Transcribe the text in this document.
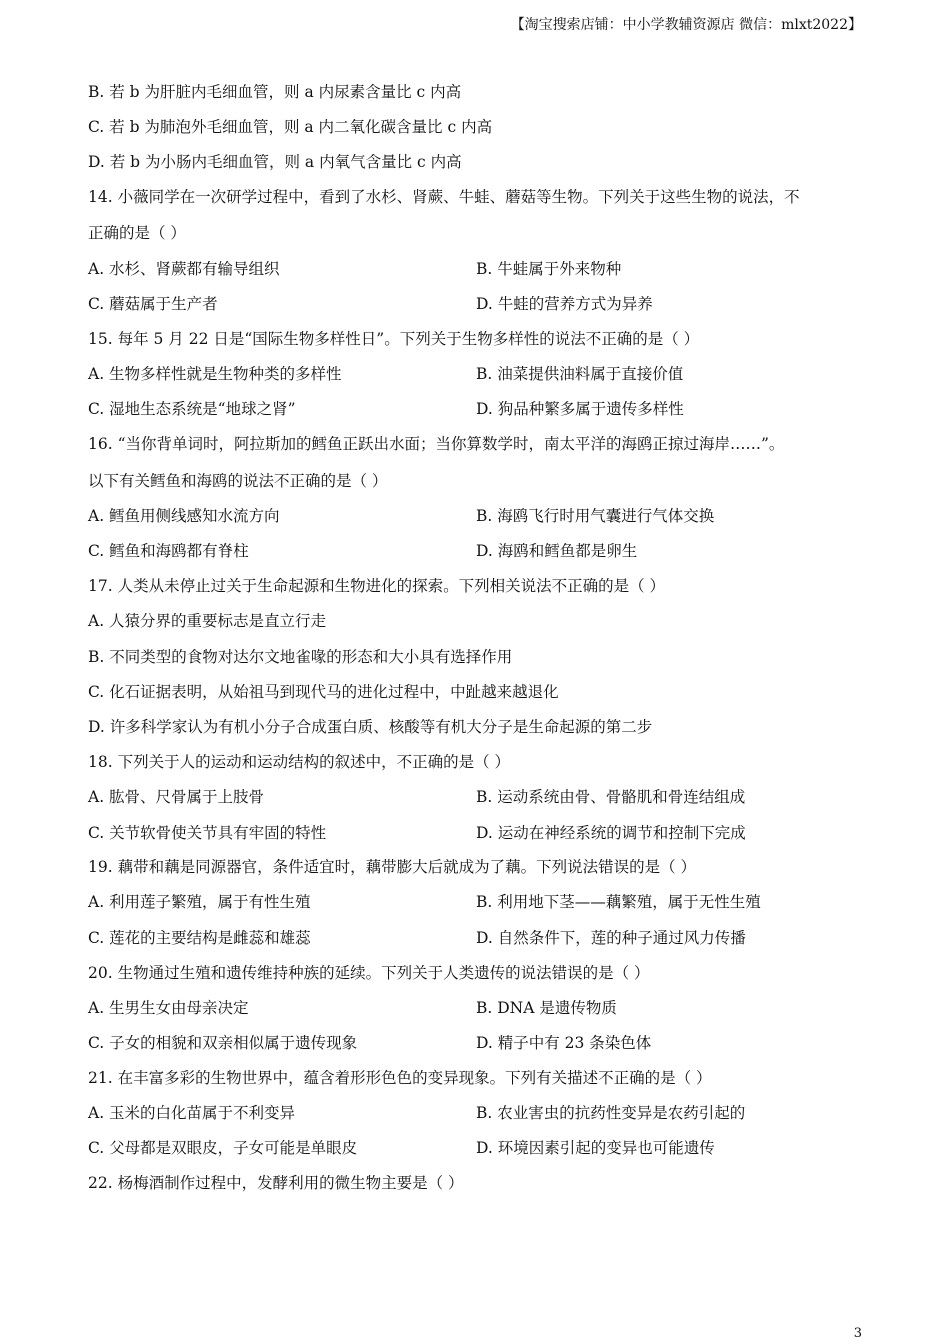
【淘宝搜索店铺：中小学教辅资源店 微信：mlxt2022】
B. 若 b 为肝脏内毛细血管，则 a 内尿素含量比 c 内高
C. 若 b 为肺泡外毛细血管，则 a 内二氧化碳含量比 c 内高
D. 若 b 为小肠内毛细血管，则 a 内氧气含量比 c 内高
14. 小薇同学在一次研学过程中，看到了水杉、肾蕨、牛蛙、蘑菇等生物。下列关于这些生物的说法，不
正确的是（ ）
A. 水杉、肾蕨都有输导组织	B. 牛蛙属于外来物种
C. 蘑菇属于生产者	D. 牛蛙的营养方式为异养
15. 每年 5 月 22 日是“国际生物多样性日”。下列关于生物多样性的说法不正确的是（ ）
A. 生物多样性就是生物种类的多样性	B. 油菜提供油料属于直接价值
C. 湿地生态系统是“地球之肾”	D. 狗品种繁多属于遗传多样性
16. “当你背单词时，阿拉斯加的鳕鱼正跃出水面；当你算数学时，南太平洋的海鸥正掠过海岸……”。
以下有关鳕鱼和海鸥的说法不正确的是（ ）
A. 鳕鱼用侧线感知水流方向	B. 海鸥飞行时用气囊进行气体交换
C. 鳕鱼和海鸥都有脊柱	D. 海鸥和鳕鱼都是卵生
17. 人类从未停止过关于生命起源和生物进化的探索。下列相关说法不正确的是（ ）
A. 人猿分界的重要标志是直立行走
B. 不同类型的食物对达尔文地雀喙的形态和大小具有选择作用
C. 化石证据表明，从始祖马到现代马的进化过程中，中趾越来越退化
D. 许多科学家认为有机小分子合成蛋白质、核酸等有机大分子是生命起源的第二步
18. 下列关于人的运动和运动结构的叙述中，不正确的是（ ）
A. 肱骨、尺骨属于上肢骨	B. 运动系统由骨、骨骼肌和骨连结组成
C. 关节软骨使关节具有牢固的特性	D. 运动在神经系统的调节和控制下完成
19. 藕带和藕是同源器官，条件适宜时，藕带膨大后就成为了藕。下列说法错误的是（ ）
A. 利用莲子繁殖，属于有性生殖	B. 利用地下茎——藕繁殖，属于无性生殖
C. 莲花的主要结构是雌蕊和雄蕊	D. 自然条件下，莲的种子通过风力传播
20. 生物通过生殖和遗传维持种族的延续。下列关于人类遗传的说法错误的是（ ）
A. 生男生女由母亲决定	B. DNA 是遗传物质
C. 子女的相貌和双亲相似属于遗传现象	D. 精子中有 23 条染色体
21. 在丰富多彩的生物世界中，蕴含着形形色色的变异现象。下列有关描述不正确的是（ ）
A. 玉米的白化苗属于不利变异	B. 农业害虫的抗药性变异是农药引起的
C. 父母都是双眼皮，子女可能是单眼皮	D. 环境因素引起的变异也可能遗传
22. 杨梅酒制作过程中，发酵利用的微生物主要是（ ）
3
